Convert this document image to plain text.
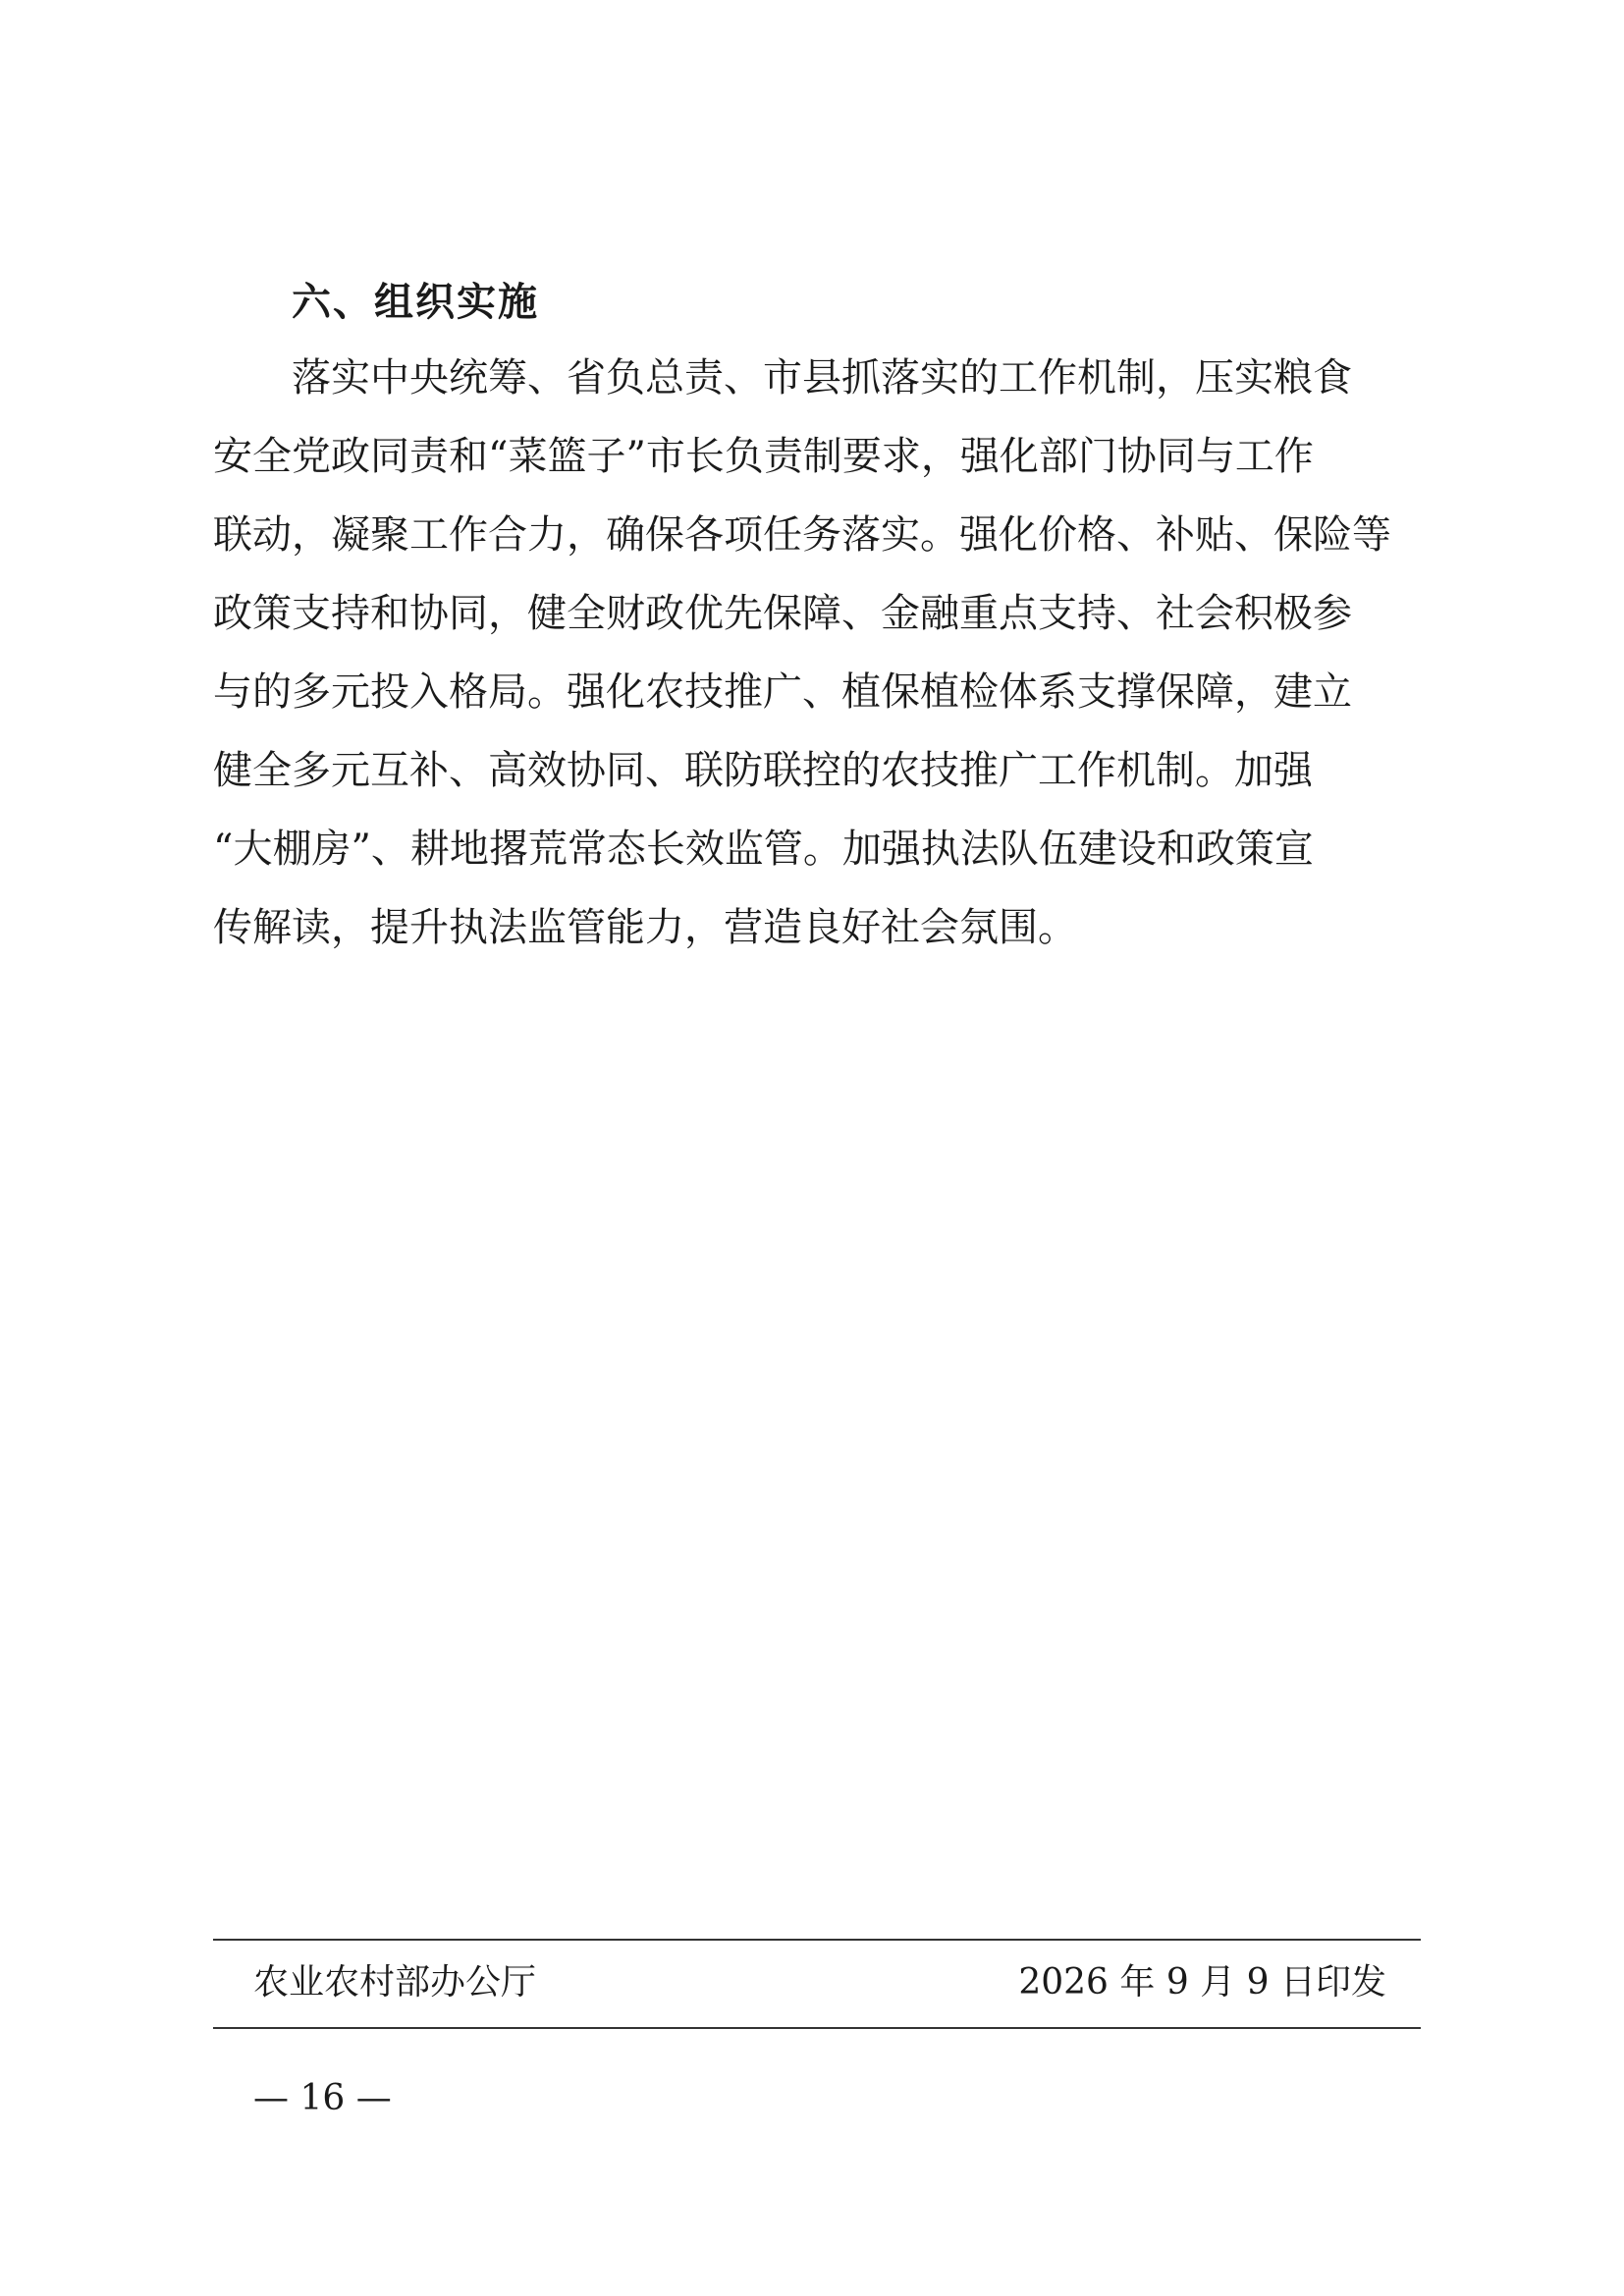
六、组织实施
落实中央统筹、省负总责、市县抓落实的工作机制，压实粮食
安全党政同责和“菜篮子”市长负责制要求，强化部门协同与工作
联动，凝聚工作合力，确保各项任务落实。强化价格、补贴、保险等
政策支持和协同，健全财政优先保障、金融重点支持、社会积极参
与的多元投入格局。强化农技推广、植保植检体系支撑保障，建立
健全多元互补、高效协同、联防联控的农技推广工作机制。加强
“大棚房”、耕地撂荒常态长效监管。加强执法队伍建设和政策宣
传解读，提升执法监管能力，营造良好社会氛围。
农业农村部办公厅	2026 年 9 月 9 日印发
— 16 —
